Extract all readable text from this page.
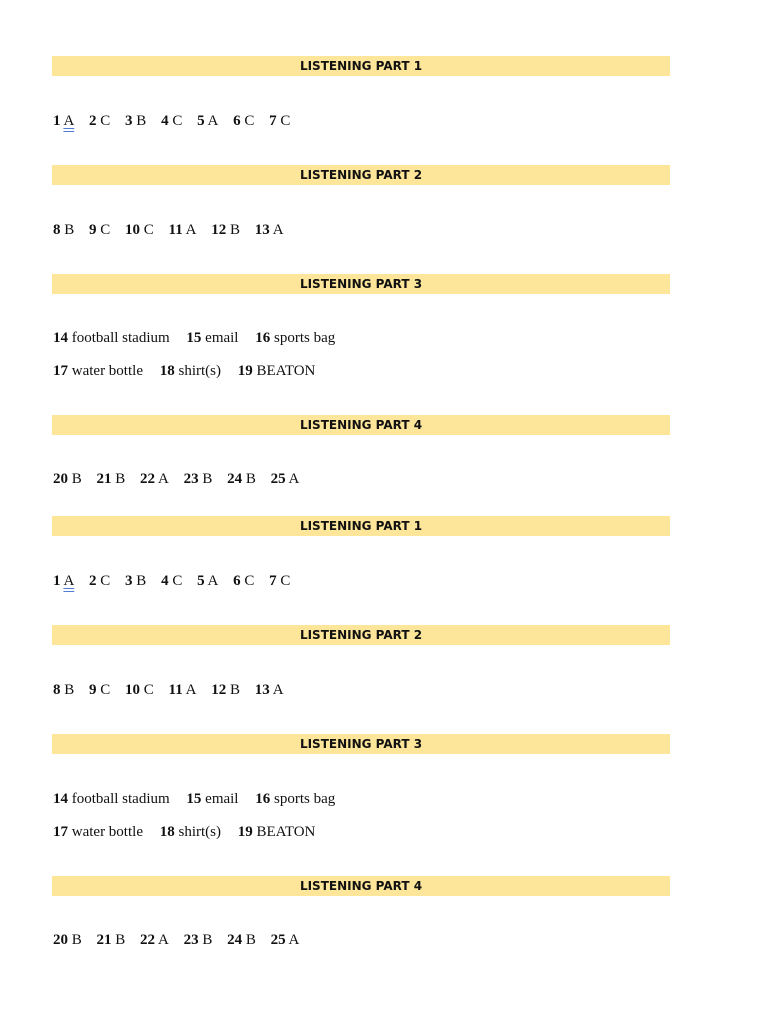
LISTENING PART 1
1 A 2 C 3 B 4 C 5 A 6 C 7 C
LISTENING PART 2
8 B 9 C 10 C 11 A 12 B 13 A
LISTENING PART 3
14 football stadium 15 email 16 sports bag
17 water bottle 18 shirt(s) 19 BEATON
LISTENING PART 4
20 B 21 B 22 A 23 B 24 B 25 A
LISTENING PART 1
1 A 2 C 3 B 4 C 5 A 6 C 7 C
LISTENING PART 2
8 B 9 C 10 C 11 A 12 B 13 A
LISTENING PART 3
14 football stadium 15 email 16 sports bag
17 water bottle 18 shirt(s) 19 BEATON
LISTENING PART 4
20 B 21 B 22 A 23 B 24 B 25 A
